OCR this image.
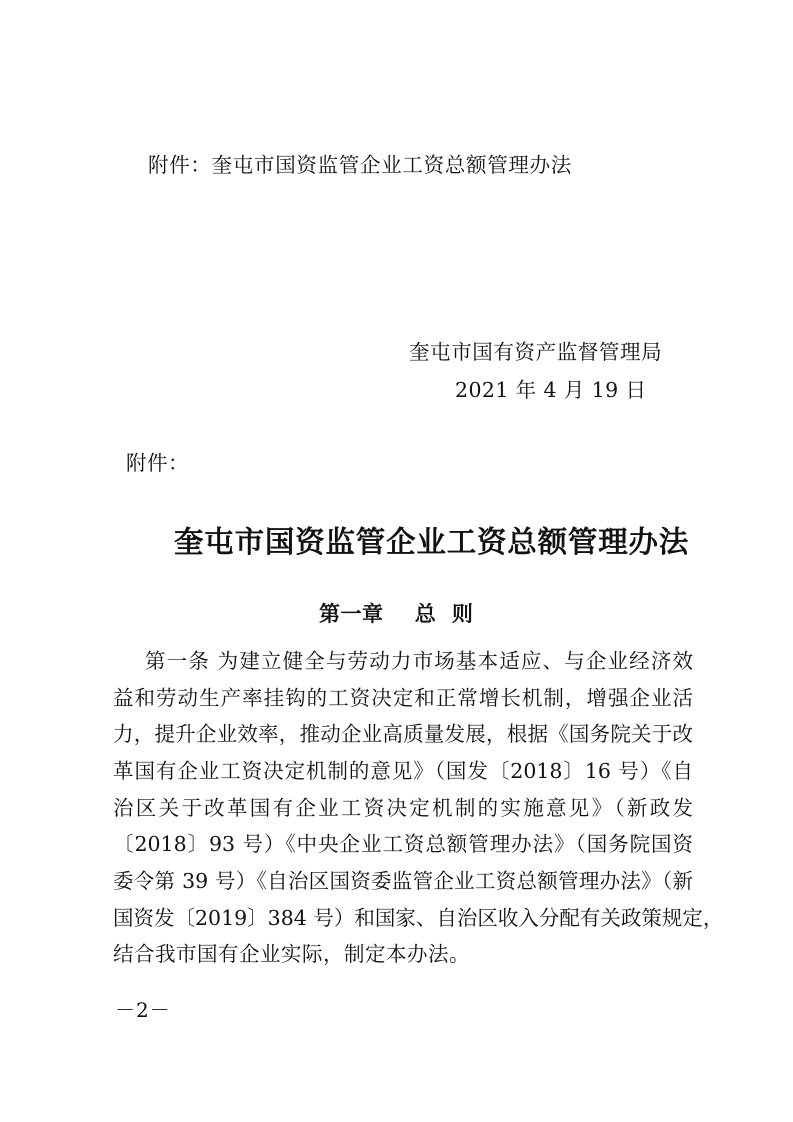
附件：奎屯市国资监管企业工资总额管理办法
奎屯市国有资产监督管理局
2021 年 4 月 19 日
附件：
奎屯市国资监管企业工资总额管理办法
第一章    总  则
第一条 为建立健全与劳动力市场基本适应、与企业经济效
益和劳动生产率挂钩的工资决定和正常增长机制，增强企业活
力，提升企业效率，推动企业高质量发展，根据《国务院关于改
革国有企业工资决定机制的意见》（国发〔2018〕16 号）《自
治区关于改革国有企业工资决定机制的实施意见》（新政发
〔2018〕93 号）《中央企业工资总额管理办法》（国务院国资
委令第 39 号）《自治区国资委监管企业工资总额管理办法》（新
国资发〔2019〕384 号）和国家、自治区收入分配有关政策规定，
结合我市国有企业实际，制定本办法。
－2－
